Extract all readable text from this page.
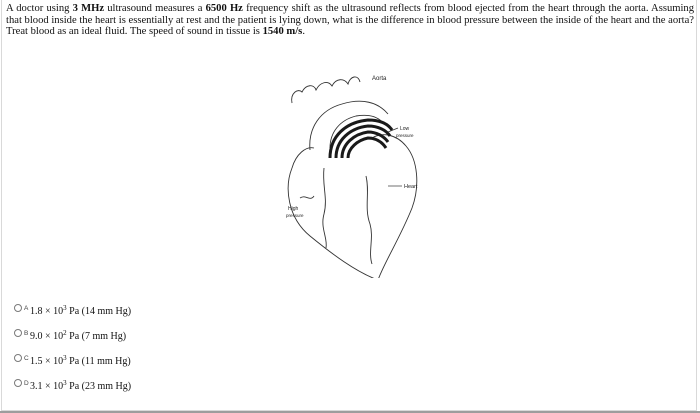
A doctor using 3 MHz ultrasound measures a 6500 Hz frequency shift as the ultrasound reflects from blood ejected from the heart through the aorta. Assuming that blood inside the heart is essentially at rest and the patient is lying down, what is the difference in blood pressure between the inside of the heart and the aorta? Treat blood as an ideal fluid. The speed of sound in tissue is 1540 m/s.
Aorta
Low
pressure
Heart
High
pressure
A $1.8 \times 10^3$ Pa (14 mm Hg)
B $9.0 \times 10^2$ Pa (7 mm Hg)
C $1.5 \times 10^3$ Pa (11 mm Hg)
D $3.1 \times 10^3$ Pa (23 mm Hg)
